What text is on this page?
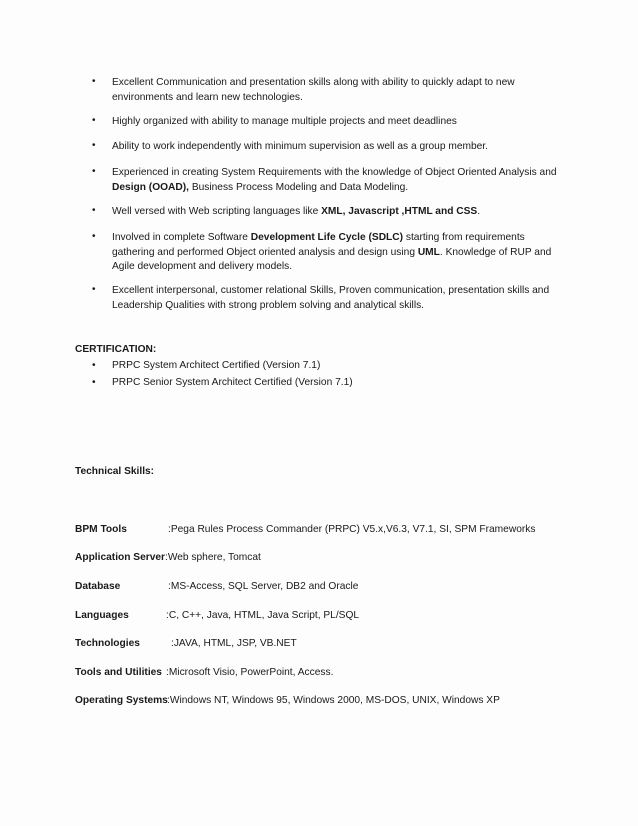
•	Excellent Communication and presentation skills along with ability to quickly adapt to new environments and learn new technologies.
•	Highly organized with ability to manage multiple projects and meet deadlines
•	Ability to work independently with minimum supervision as well as a group member.
•	Experienced in creating System Requirements with the knowledge of Object Oriented Analysis and Design (OOAD), Business Process Modeling and Data Modeling.
•	Well versed with Web scripting languages like XML, Javascript ,HTML and CSS.
•	Involved in complete Software Development Life Cycle (SDLC) starting from requirements gathering and performed Object oriented analysis and design using UML. Knowledge of RUP and Agile development and delivery models.
•	Excellent interpersonal, customer relational Skills, Proven communication, presentation skills and Leadership Qualities with strong problem solving and analytical skills.
CERTIFICATION:
• PRPC System Architect Certified (Version 7.1)
• PRPC Senior System Architect Certified (Version 7.1)
Technical Skills:
BPM Tools	:Pega Rules Process Commander (PRPC) V5.x,V6.3, V7.1, SI, SPM Frameworks
Application Server:Web sphere, Tomcat
Database	:MS-Access, SQL Server, DB2 and Oracle
Languages	:C, C++, Java, HTML, Java Script, PL/SQL
Technologies	:JAVA, HTML, JSP, VB.NET
Tools and Utilities :Microsoft Visio, PowerPoint, Access.
Operating Systems:Windows NT, Windows 95, Windows 2000, MS-DOS, UNIX, Windows XP
